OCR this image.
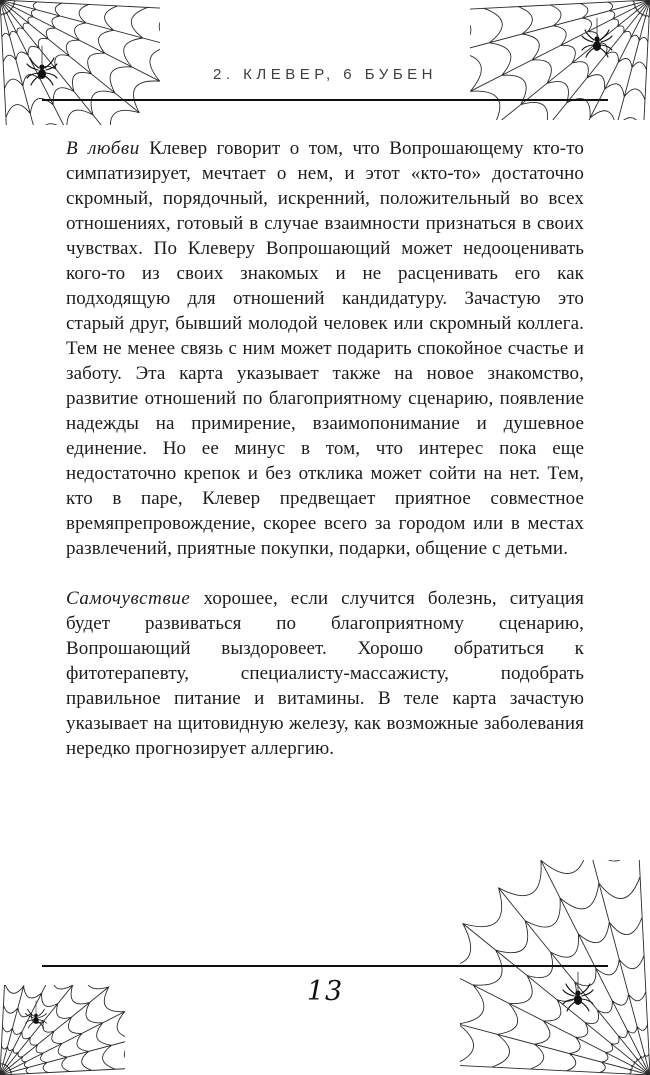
2. КЛЕВЕР, 6 БУБЕН

В любви Клевер говорит о том, что Вопрошающему кто-то симпатизирует, мечтает о нем, и этот «кто-то» достаточно скромный, порядочный, искренний, положительный во всех отношениях, готовый в случае взаимности признаться в своих чувствах. По Клеверу Вопрошающий может недооценивать кого-то из своих знакомых и не расценивать его как подходящую для отношений кандидатуру. Зачастую это старый друг, бывший молодой человек или скромный коллега. Тем не менее связь с ним может подарить спокойное счастье и заботу. Эта карта указывает также на новое знакомство, развитие отношений по благоприятному сценарию, появление надежды на примирение, взаимопонимание и душевное единение. Но ее минус в том, что интерес пока еще недостаточно крепок и без отклика может сойти на нет. Тем, кто в паре, Клевер предвещает приятное совместное времяпрепровождение, скорее всего за городом или в местах развлечений, приятные покупки, подарки, общение с детьми.

Самочувствие хорошее, если случится болезнь, ситуация будет развиваться по благоприятному сценарию, Вопрошающий выздоровеет. Хорошо обратиться к фитотерапевту, специалисту-массажисту, подобрать правильное питание и витамины. В теле карта зачастую указывает на щитовидную железу, как возможные заболевания нередко прогнозирует аллергию.

13
